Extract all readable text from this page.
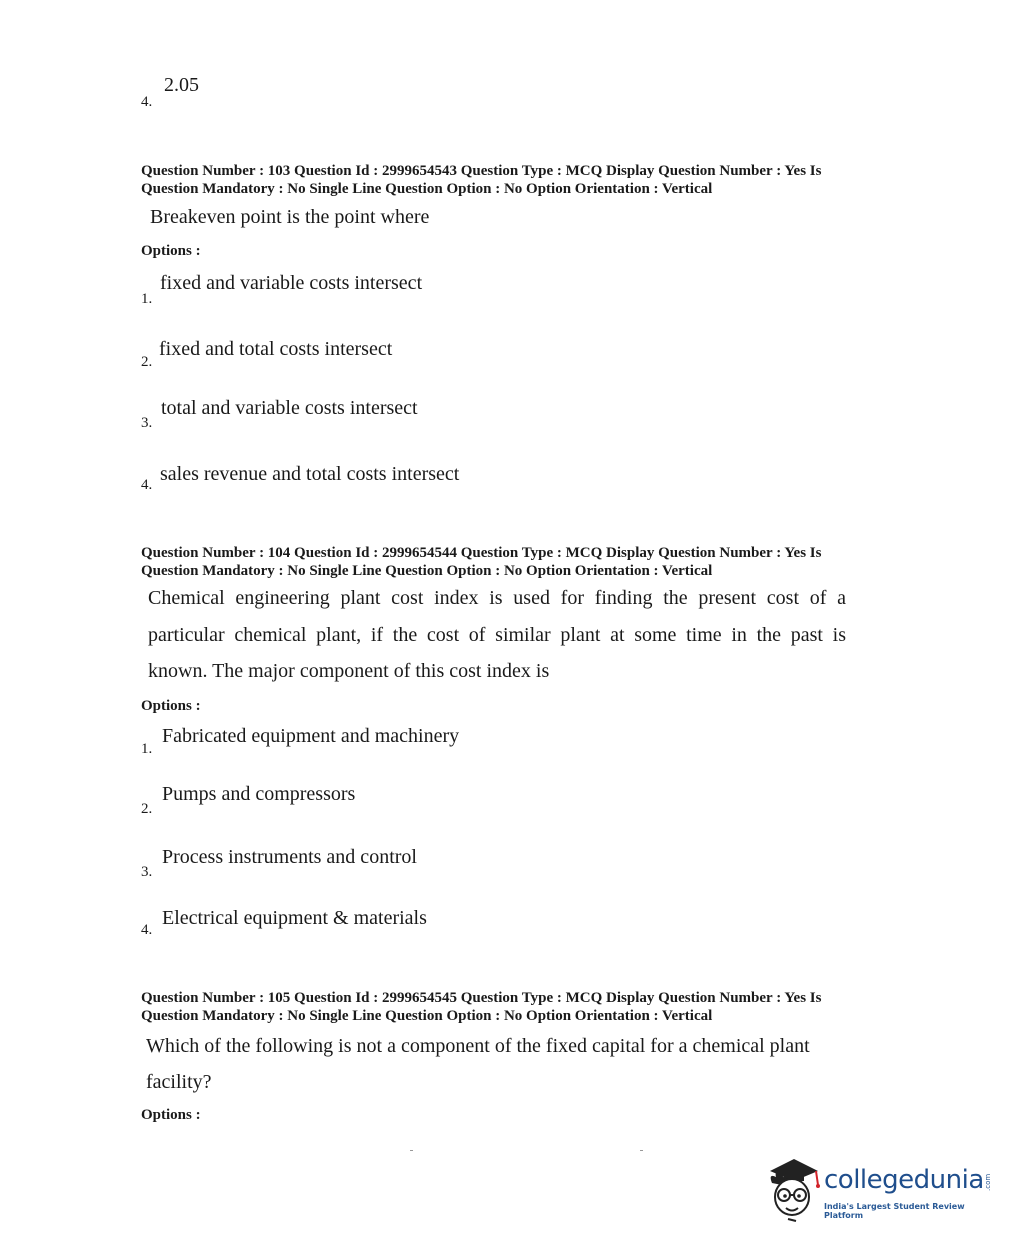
2.05
4.
Question Number : 103 Question Id : 2999654543 Question Type : MCQ Display Question Number : Yes Is
Question Mandatory : No Single Line Question Option : No Option Orientation : Vertical
Breakeven point is the point where
Options :
fixed and variable costs intersect
1.
fixed and total costs intersect
2.
total and variable costs intersect
3.
sales revenue and total costs intersect
4.
Question Number : 104 Question Id : 2999654544 Question Type : MCQ Display Question Number : Yes Is
Question Mandatory : No Single Line Question Option : No Option Orientation : Vertical
Chemical engineering plant cost index is used for finding the present cost of a
particular chemical plant, if the cost of similar plant at some time in the past is
known. The major component of this cost index is
Options :
Fabricated equipment and machinery
1.
Pumps and compressors
2.
Process instruments and control
3.
Electrical equipment & materials
4.
Question Number : 105 Question Id : 2999654545 Question Type : MCQ Display Question Number : Yes Is
Question Mandatory : No Single Line Question Option : No Option Orientation : Vertical
Which of the following is not a component of the fixed capital for a chemical plant
facility?
Options :
collegedunia .com
India's Largest Student Review Platform
